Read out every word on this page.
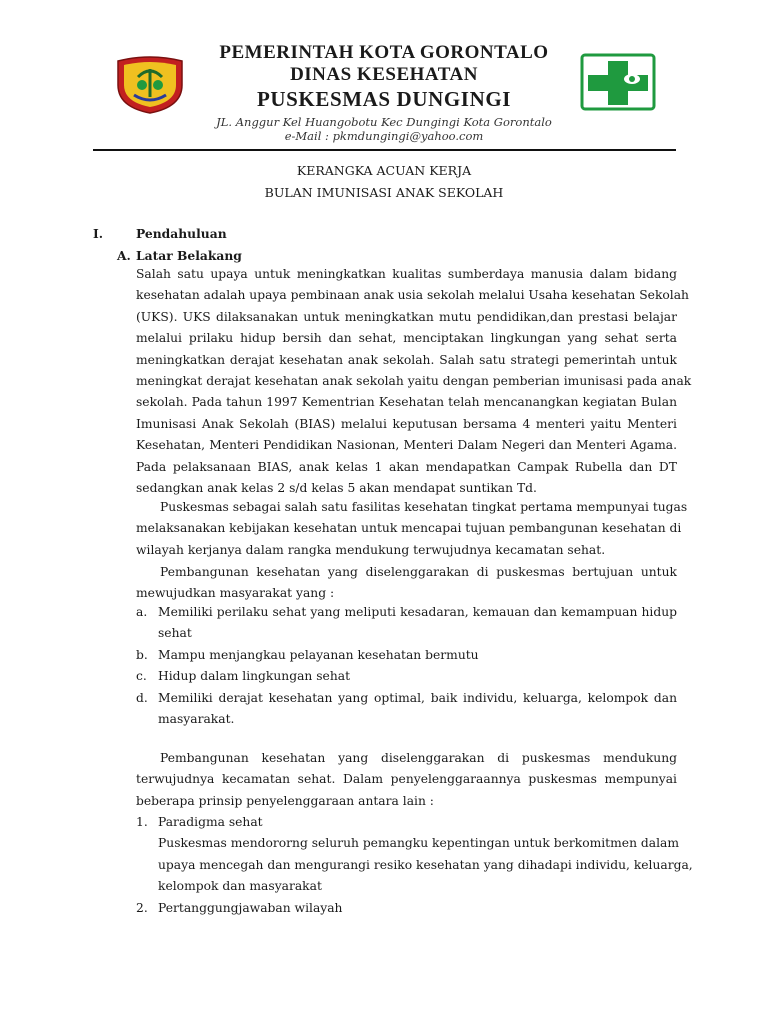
PEMERINTAH KOTA GORONTALO
DINAS KESEHATAN
PUSKESMAS DUNGINGI
JL. Anggur Kel Huangobotu Kec Dungingi Kota Gorontalo
e-Mail : pkmdungingi@yahoo.com
KERANGKA ACUAN KERJA
BULAN IMUNISASI ANAK SEKOLAH
I.	Pendahuluan
A. Latar Belakang
Salah satu upaya untuk meningkatkan kualitas sumberdaya manusia dalam bidang
kesehatan adalah upaya pembinaan anak usia sekolah melalui Usaha kesehatan Sekolah
(UKS). UKS dilaksanakan untuk meningkatkan mutu pendidikan,dan prestasi belajar
melalui prilaku hidup bersih dan sehat, menciptakan lingkungan yang sehat serta
meningkatkan derajat kesehatan anak sekolah. Salah satu strategi pemerintah untuk
meningkat derajat kesehatan anak sekolah yaitu dengan pemberian imunisasi pada anak
sekolah. Pada tahun 1997 Kementrian Kesehatan telah mencanangkan kegiatan Bulan
Imunisasi Anak Sekolah (BIAS) melalui keputusan bersama 4 menteri yaitu Menteri
Kesehatan, Menteri Pendidikan Nasionan, Menteri Dalam Negeri dan Menteri Agama.
Pada pelaksanaan BIAS, anak kelas 1 akan mendapatkan Campak Rubella dan DT
sedangkan anak kelas 2 s/d kelas 5 akan mendapat suntikan Td.
Puskesmas sebagai salah satu fasilitas kesehatan tingkat pertama mempunyai tugas
melaksanakan kebijakan kesehatan untuk mencapai tujuan pembangunan kesehatan di
wilayah kerjanya dalam rangka mendukung terwujudnya kecamatan sehat.
Pembangunan kesehatan yang diselenggarakan di puskesmas bertujuan untuk
mewujudkan masyarakat yang :
a. Memiliki perilaku sehat yang meliputi kesadaran, kemauan dan kemampuan hidup
sehat
b. Mampu menjangkau pelayanan kesehatan bermutu
c. Hidup dalam lingkungan sehat
d. Memiliki derajat kesehatan yang optimal, baik individu, keluarga, kelompok dan
masyarakat.
Pembangunan kesehatan yang diselenggarakan di puskesmas mendukung
terwujudnya kecamatan sehat. Dalam penyelenggaraannya puskesmas mempunyai
beberapa prinsip penyelenggaraan antara lain :
1. Paradigma sehat
Puskesmas mendororng seluruh pemangku kepentingan untuk berkomitmen dalam
upaya mencegah dan mengurangi resiko kesehatan yang dihadapi individu, keluarga,
kelompok dan masyarakat
2. Pertanggungjawaban wilayah
